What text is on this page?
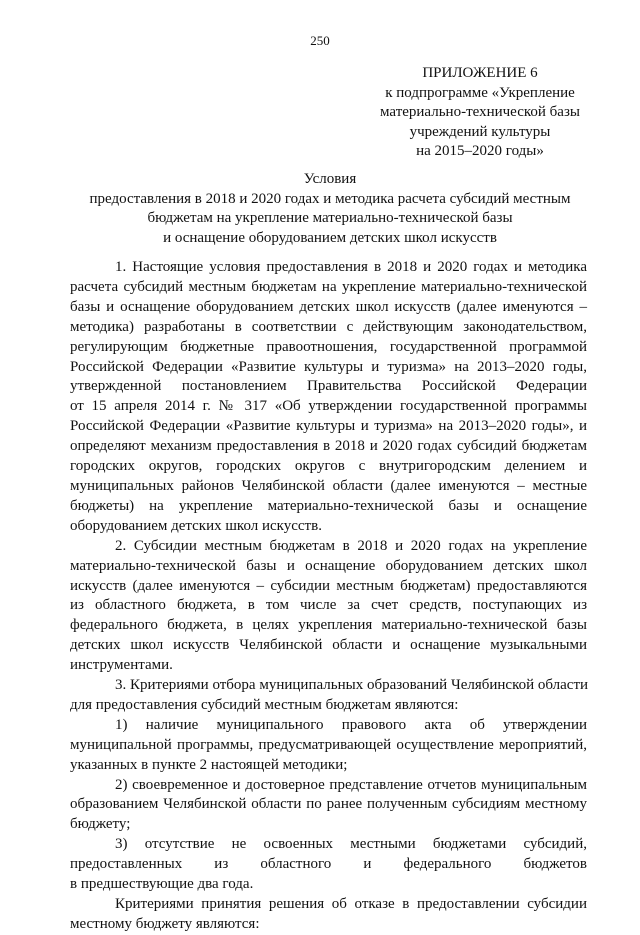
250
ПРИЛОЖЕНИЕ 6
к подпрограмме «Укрепление
материально-технической базы
учреждений культуры
на 2015–2020 годы»
Условия
предоставления в 2018 и 2020 годах и методика расчета субсидий местным
бюджетам на укрепление материально-технической базы
и оснащение оборудованием детских школ искусств
1. Настоящие условия предоставления в 2018 и 2020 годах и методика
расчета субсидий местным бюджетам на укрепление материально-технической
базы и оснащение оборудованием детских школ искусств (далее именуются –
методика) разработаны в соответствии с действующим законодательством,
регулирующим бюджетные правоотношения, государственной программой
Российской Федерации «Развитие культуры и туризма» на 2013–2020 годы,
утвержденной постановлением Правительства Российской Федерации
от 15 апреля 2014 г. № 317 «Об утверждении государственной программы
Российской Федерации «Развитие культуры и туризма» на 2013–2020 годы», и
определяют механизм предоставления в 2018 и 2020 годах субсидий бюджетам
городских округов, городских округов с внутригородским делением и
муниципальных районов Челябинской области (далее именуются – местные
бюджеты) на укрепление материально-технической базы и оснащение
оборудованием детских школ искусств.
2. Субсидии местным бюджетам в 2018 и 2020 годах на укрепление
материально-технической базы и оснащение оборудованием детских школ
искусств (далее именуются – субсидии местным бюджетам) предоставляются
из областного бюджета, в том числе за счет средств, поступающих из
федерального бюджета, в целях укрепления материально-технической базы
детских школ искусств Челябинской области и оснащение музыкальными
инструментами.
3. Критериями отбора муниципальных образований Челябинской области
для предоставления субсидий местным бюджетам являются:
1) наличие муниципального правового акта об утверждении
муниципальной программы, предусматривающей осуществление мероприятий,
указанных в пункте 2 настоящей методики;
2) своевременное и достоверное представление отчетов муниципальным
образованием Челябинской области по ранее полученным субсидиям местному
бюджету;
3) отсутствие не освоенных местными бюджетами субсидий,
предоставленных из областного и федерального бюджетов
в предшествующие два года.
Критериями принятия решения об отказе в предоставлении субсидии
местному бюджету являются:
